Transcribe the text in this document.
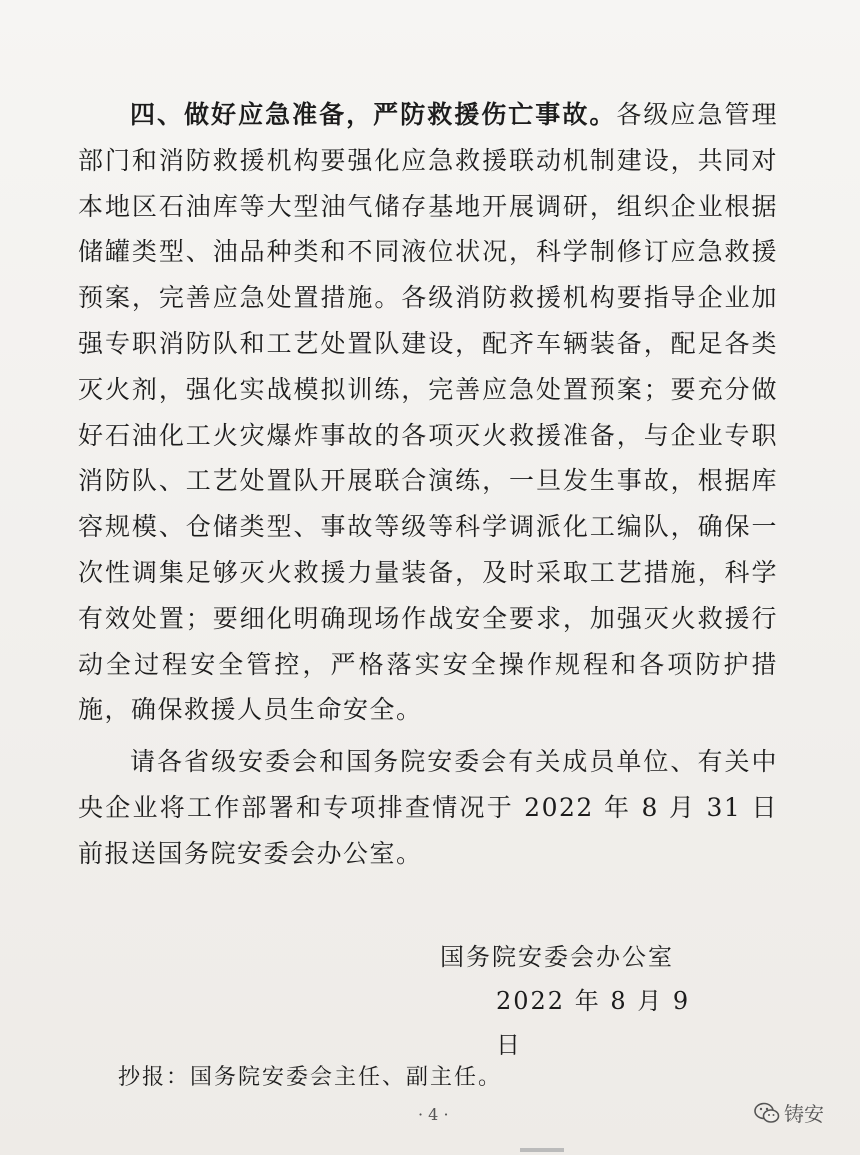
四、做好应急准备，严防救援伤亡事故。各级应急管理部门和消防救援机构要强化应急救援联动机制建设，共同对本地区石油库等大型油气储存基地开展调研，组织企业根据储罐类型、油品种类和不同液位状况，科学制修订应急救援预案，完善应急处置措施。各级消防救援机构要指导企业加强专职消防队和工艺处置队建设，配齐车辆装备，配足各类灭火剂，强化实战模拟训练，完善应急处置预案；要充分做好石油化工火灾爆炸事故的各项灭火救援准备，与企业专职消防队、工艺处置队开展联合演练，一旦发生事故，根据库容规模、仓储类型、事故等级等科学调派化工编队，确保一次性调集足够灭火救援力量装备，及时采取工艺措施，科学有效处置；要细化明确现场作战安全要求，加强灭火救援行动全过程安全管控，严格落实安全操作规程和各项防护措施，确保救援人员生命安全。

请各省级安委会和国务院安委会有关成员单位、有关中央企业将工作部署和专项排查情况于 2022 年 8 月 31 日前报送国务院安委会办公室。

国务院安委会办公室
2022 年 8 月 9 日
抄报：国务院安委会主任、副主任。
· 4 ·	铸安
